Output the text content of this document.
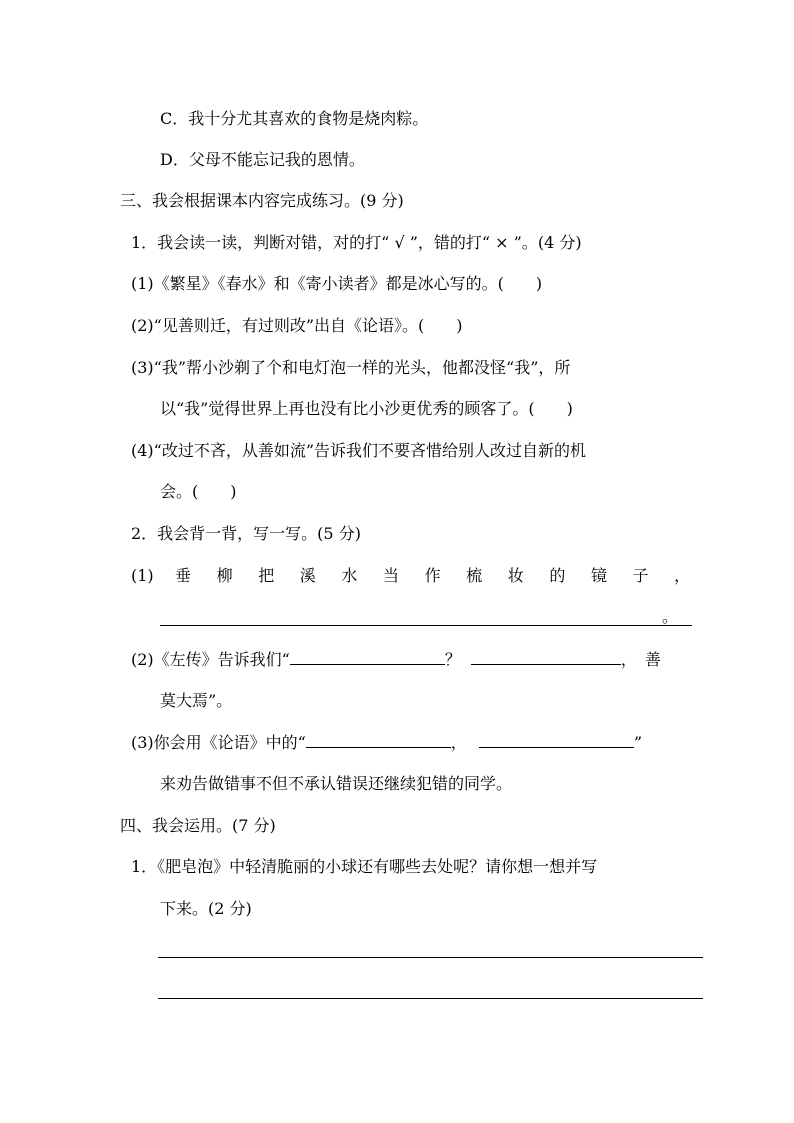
C．我十分尤其喜欢的食物是烧肉粽。
D．父母不能忘记我的恩情。
三、我会根据课本内容完成练习。(9 分)
1．我会读一读，判断对错，对的打“ √ ”，错的打“ × ”。(4 分)
(1)《繁星》《春水》和《寄小读者》都是冰心写的。(　　)
(2)“见善则迁，有过则改”出自《论语》。(　　)
(3)“我”帮小沙剃了个和电灯泡一样的光头，他都没怪“我”，所
以“我”觉得世界上再也没有比小沙更优秀的顾客了。(　　)
(4)“改过不吝，从善如流”告诉我们不要吝惜给别人改过自新的机
会。(　　)
2．我会背一背，写一写。(5 分)
(1) 垂 柳 把 溪 水 当 作 梳 妆 的 镜 子 ，
。
(2)《左传》告诉我们“	？	， 善
莫大焉”。
(3)你会用《论语》中的“	，	”
来劝告做错事不但不承认错误还继续犯错的同学。
四、我会运用。(7 分)
1．《肥皂泡》中轻清脆丽的小球还有哪些去处呢？请你想一想并写
下来。(2 分)
